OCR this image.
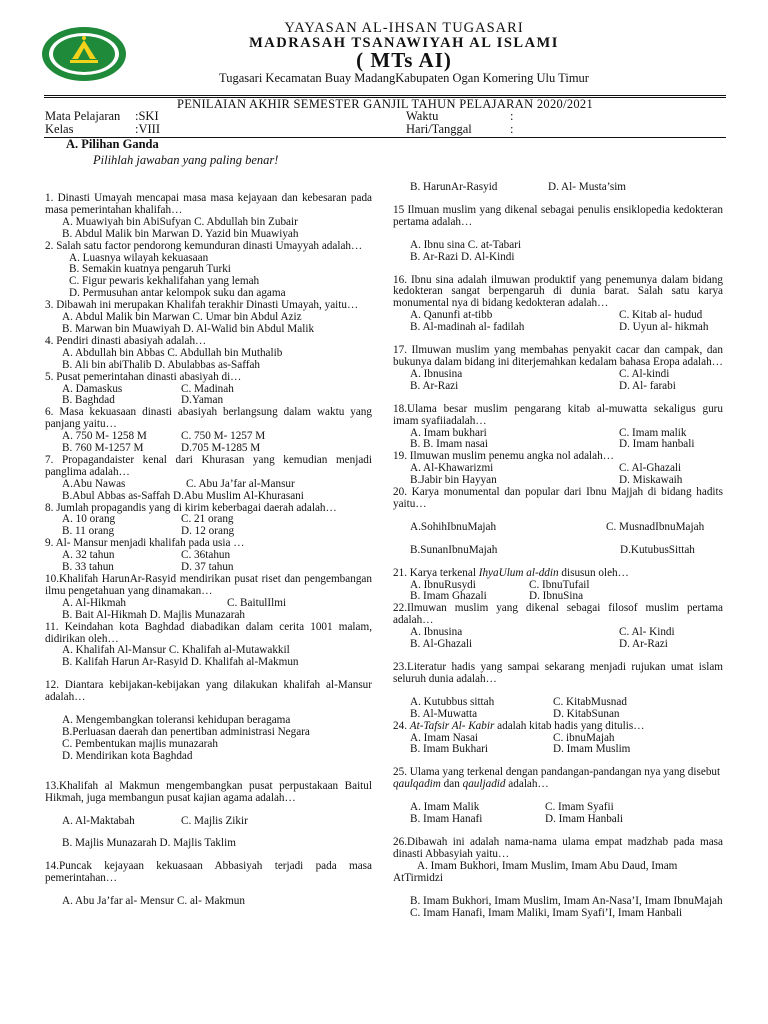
YAYASAN AL-IHSAN TUGASARI
MADRASAH TSANAWIYAH AL ISLAMI
( MTs AI)
Tugasari Kecamatan Buay MadangKabupaten Ogan Komering Ulu Timur
PENILAIAN AKHIR SEMESTER GANJIL TAHUN PELAJARAN 2020/2021
Mata Pelajaran :SKI
Kelas	:VIII
Waktu	:
Hari/Tanggal	:
A. Pilihan Ganda
Pilihlah jawaban yang paling benar!

1. Dinasti Umayah mencapai masa masa kejayaan dan kebesaran pada masa pemerintahan khalifah…

A. Muawiyah bin AbiSufyan C. Abdullah bin Zubair

B. Abdul Malik bin Marwan D. Yazid bin Muawiyah

2. Salah satu factor pendorong kemunduran dinasti Umayyah adalah…

A. Luasnya wilayah kekuasaan

B. Semakin kuatnya pengaruh Turki

C. Figur pewaris kekhalifahan yang lemah

D. Permusuhan antar kelompok suku dan agama

3. Dibawah ini merupakan Khalifah terakhir Dinasti Umayah, yaitu…

A. Abdul Malik bin Marwan C. Umar bin Abdul Aziz

B. Marwan bin Muawiyah D. Al-Walid bin Abdul Malik

4. Pendiri dinasti abasiyah adalah…

A. Abdullah bin Abbas C. Abdullah bin Muthalib

B. Ali bin abiThalib D. Abulabbas as-Saffah

5. Pusat pemerintahan dinasti abasiyah di…

A. Damaskus	C. Madinah
B. Baghdad	D.Yaman

6. Masa kekuasaan dinasti abasiyah berlangsung dalam waktu yang panjang yaitu…

A. 750 M- 1258 M	C. 750 M- 1257 M
B. 760 M-1257 M	D.705 M-1285 M

7. Propagandaister kenal dari Khurasan yang kemudian menjadi panglima adalah…

A.Abu Nawas	C. Abu Ja’far al-Mansur

B.Abul Abbas as-Saffah D.Abu Muslim Al-Khurasani

8. Jumlah propagandis yang di kirim keberbagai daerah adalah…

A. 10 orang	C. 21 orang
B. 11 orang	D. 12 orang

9. Al- Mansur menjadi khalifah pada usia …

A. 32 tahun	C. 36tahun
B. 33 tahun	D. 37 tahun

10.Khalifah HarunAr-Rasyid mendirikan pusat riset dan pengembangan ilmu pengetahuan yang dinamakan…

A. Al-Hikmah	C. BaitulIlmi

B. Bait Al-Hikmah D. Majlis Munazarah

11. Keindahan kota Baghdad diabadikan dalam cerita 1001 malam, didirikan oleh…

A. Khalifah Al-Mansur C. Khalifah al-Mutawakkil

B. Kalifah Harun Ar-Rasyid D. Khalifah al-Makmun

12. Diantara kebijakan-kebijakan yang dilakukan khalifah al-Mansur adalah…

A. Mengembangkan toleransi kehidupan beragama

B.Perluasan daerah dan penertiban administrasi Negara

C. Pembentukan majlis munazarah

D. Mendirikan kota Baghdad

13.Khalifah al Makmun mengembangkan pusat perpustakaan Baitul Hikmah, juga membangun pusat kajian agama adalah…

A. Al-Maktabah	C. Majlis Zikir

B. Majlis Munazarah D. Majlis Taklim

14.Puncak kejayaan kekuasaan Abbasiyah terjadi pada masa pemerintahan…

A. Abu Ja’far al- Mensur C. al- Makmun

B. HarunAr-Rasyid	D. Al- Musta’sim

15 Ilmuan muslim yang dikenal sebagai penulis ensiklopedia kedokteran pertama adalah…

A. Ibnu sina C. at-Tabari

B. Ar-Razi D. Al-Kindi

16. Ibnu sina adalah ilmuwan produktif yang penemunya dalam bidang kedokteran sangat berpengaruh di dunia barat. Salah satu karya monumental nya di bidang kedokteran adalah…

A. Qanunfi at-tibb	C. Kitab al- hudud
B. Al-madinah al- fadilah	D. Uyun al- hikmah

17. Ilmuwan muslim yang membahas penyakit cacar dan campak, dan bukunya dalam bidang ini diterjemahkan kedalam bahasa Eropa adalah…

A. Ibnusina	C. Al-kindi
B. Ar-Razi	D. Al- farabi

18.Ulama besar muslim pengarang kitab al-muwatta sekaligus guru imam syafiiadalah…

A. Imam bukhari	C. Imam malik
B. B. Imam nasai	D. Imam hanbali

19. Ilmuwan muslim penemu angka nol adalah…

A. Al-Khawarizmi	C. Al-Ghazali
B.Jabir bin Hayyan	D. Miskawaih

20. Karya monumental dan popular dari Ibnu Majjah di bidang hadits yaitu…

A.SohihIbnuMajah	C. MusnadIbnuMajah
B.SunanIbnuMajah	D.KutubusSittah

21. Karya terkenal IhyaUlum al-ddin disusun oleh…

A. IbnuRusydi	C. IbnuTufail
B. Imam Ghazali	D. IbnuSina

22.Ilmuwan muslim yang dikenal sebagai filosof muslim pertama adalah…

A. Ibnusina	C. Al- Kindi
B. Al-Ghazali	D. Ar-Razi

23.Literatur hadis yang sampai sekarang menjadi rujukan umat islam seluruh dunia adalah…

A. Kutubbus sittah	C. KitabMusnad
B. Al-Muwatta	D. KitabSunan

24. At-Tafsir Al- Kabir adalah kitab hadis yang ditulis…

A. Imam Nasai	C. ibnuMajah
B. Imam Bukhari	D. Imam Muslim

25. Ulama yang terkenal dengan pandangan-pandangan nya yang disebut qaulqadim dan qauljadid adalah…

A. Imam Malik	C. Imam Syafii
B. Imam Hanafi	D. Imam Hanbali

26.Dibawah ini adalah nama-nama ulama empat madzhab pada masa dinasti Abbasyiah yaitu…

A. Imam Bukhori, Imam Muslim, Imam Abu Daud, Imam AtTirmidzi

B. Imam Bukhori, Imam Muslim, Imam An-Nasa’I, Imam IbnuMajah

C. Imam Hanafi, Imam Maliki, Imam Syafi’I, Imam Hanbali
